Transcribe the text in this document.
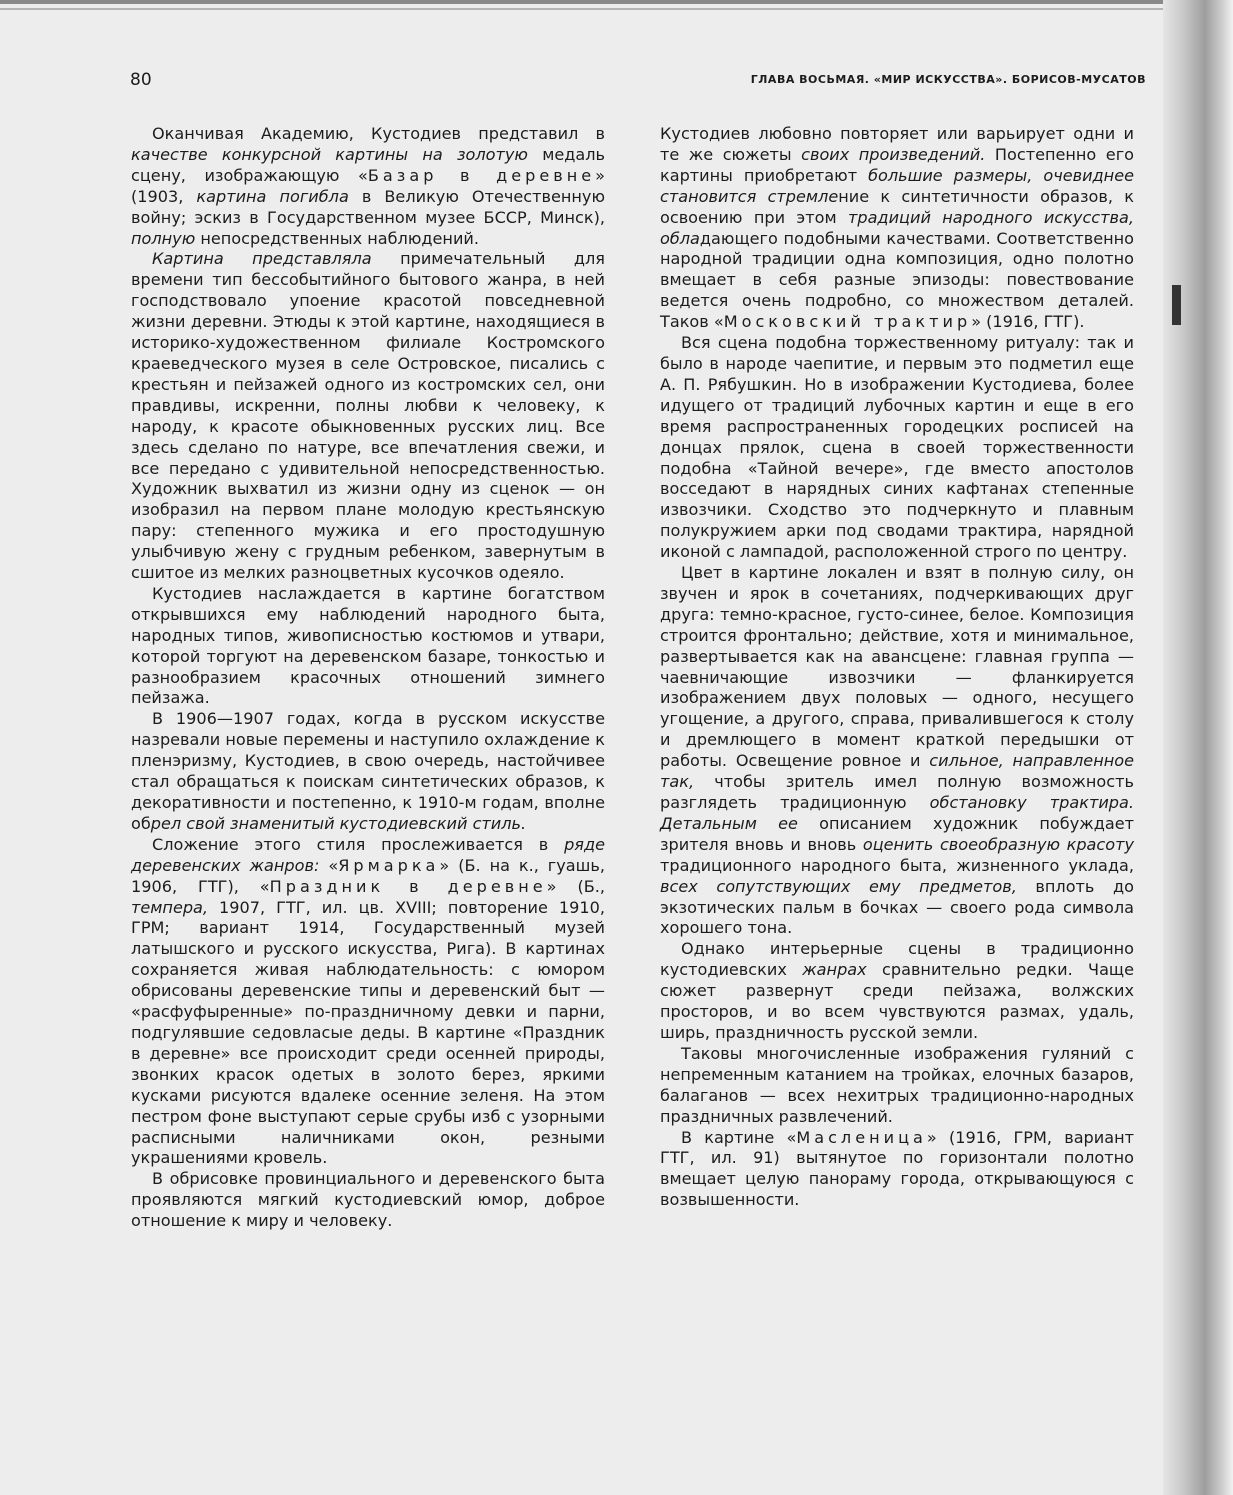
80	ГЛАВА ВОСЬМАЯ. «МИР ИСКУССТВА». БОРИСОВ-МУСАТОВ

Оканчивая Академию, Кустодиев представил в качестве конкурсной картины на золотую медаль сцену, изображающую «Базар в деревне» (1903, картина погибла в Великую Отечественную войну; эскиз в Государственном музее БССР, Минск), полную непосредственных наблюдений.

Картина представляла примечательный для времени тип бессобытийного бытового жанра, в ней господствовало упоение красотой повседневной жизни деревни. Этюды к этой картине, находящиеся в историко-художественном филиале Костромского краеведческого музея в селе Островское, писались с крестьян и пейзажей одного из костромских сел, они правдивы, искренни, полны любви к человеку, к народу, к красоте обыкновенных русских лиц. Все здесь сделано по натуре, все впечатления свежи, и все передано с удивительной непосредственностью. Художник выхватил из жизни одну из сценок — он изобразил на первом плане молодую крестьянскую пару: степенного мужика и его простодушную улыбчивую жену с грудным ребенком, завернутым в сшитое из мелких разноцветных кусочков одеяло.

Кустодиев наслаждается в картине богатством открывшихся ему наблюдений народного быта, народных типов, живописностью костюмов и утвари, которой торгуют на деревенском базаре, тонкостью и разнообразием красочных отношений зимнего пейзажа.

В 1906—1907 годах, когда в русском искусстве назревали новые перемены и наступило охлаждение к пленэризму, Кустодиев, в свою очередь, настойчивее стал обращаться к поискам синтетических образов, к декоративности и постепенно, к 1910-м годам, вполне обрел свой знаменитый кустодиевский стиль.

Сложение этого стиля прослеживается в ряде деревенских жанров: «Ярмарка» (Б. на к., гуашь, 1906, ГТГ), «Праздник в деревне» (Б., темпера, 1907, ГТГ, ил. цв. XVIII; повторение 1910, ГРМ; вариант 1914, Государственный музей латышского и русского искусства, Рига). В картинах сохраняется живая наблюдательность: с юмором обрисованы деревенские типы и деревенский быт — «расфуфыренные» по-праздничному девки и парни, подгулявшие седовласые деды. В картине «Праздник в деревне» все происходит среди осенней природы, звонких красок одетых в золото берез, яркими кусками рисуются вдалеке осенние зеленя. На этом пестром фоне выступают серые срубы изб с узорными расписными наличниками окон, резными украшениями кровель.

В обрисовке провинциального и деревенского быта проявляются мягкий кустодиевский юмор, доброе отношение к миру и человеку.

Кустодиев любовно повторяет или варьирует одни и те же сюжеты своих произведений. Постепенно его картины приобретают большие размеры, очевиднее становится стремление к синтетичности образов, к освоению при этом традиций народного искусства, обладающего подобными качествами. Соответственно народной традиции одна композиция, одно полотно вмещает в себя разные эпизоды: повествование ведется очень подробно, со множеством деталей. Таков «Московский трактир» (1916, ГТГ).

Вся сцена подобна торжественному ритуалу: так и было в народе чаепитие, и первым это подметил еще А. П. Рябушкин. Но в изображении Кустодиева, более идущего от традиций лубочных картин и еще в его время распространенных городецких росписей на донцах прялок, сцена в своей торжественности подобна «Тайной вечере», где вместо апостолов восседают в нарядных синих кафтанах степенные извозчики. Сходство это подчеркнуто и плавным полукружием арки под сводами трактира, нарядной иконой с лампадой, расположенной строго по центру.

Цвет в картине локален и взят в полную силу, он звучен и ярок в сочетаниях, подчеркивающих друг друга: темно-красное, густо-синее, белое. Композиция строится фронтально; действие, хотя и минимальное, развертывается как на авансцене: главная группа — чаевничающие извозчики — фланкируется изображением двух половых — одного, несущего угощение, а другого, справа, привалившегося к столу и дремлющего в момент краткой передышки от работы. Освещение ровное и сильное, направленное так, чтобы зритель имел полную возможность разглядеть традиционную обстановку трактира. Детальным ее описанием художник побуждает зрителя вновь и вновь оценить своеобразную красоту традиционного народного быта, жизненного уклада, всех сопутствующих ему предметов, вплоть до экзотических пальм в бочках — своего рода символа хорошего тона.

Однако интерьерные сцены в традиционно кустодиевских жанрах сравнительно редки. Чаще сюжет развернут среди пейзажа, волжских просторов, и во всем чувствуются размах, удаль, ширь, праздничность русской земли.

Таковы многочисленные изображения гуляний с непременным катанием на тройках, елочных базаров, балаганов — всех нехитрых традиционно-народных праздничных развлечений.

В картине «Масленица» (1916, ГРМ, вариант ГТГ, ил. 91) вытянутое по горизонтали полотно вмещает целую панораму города, открывающуюся с возвышенности.
